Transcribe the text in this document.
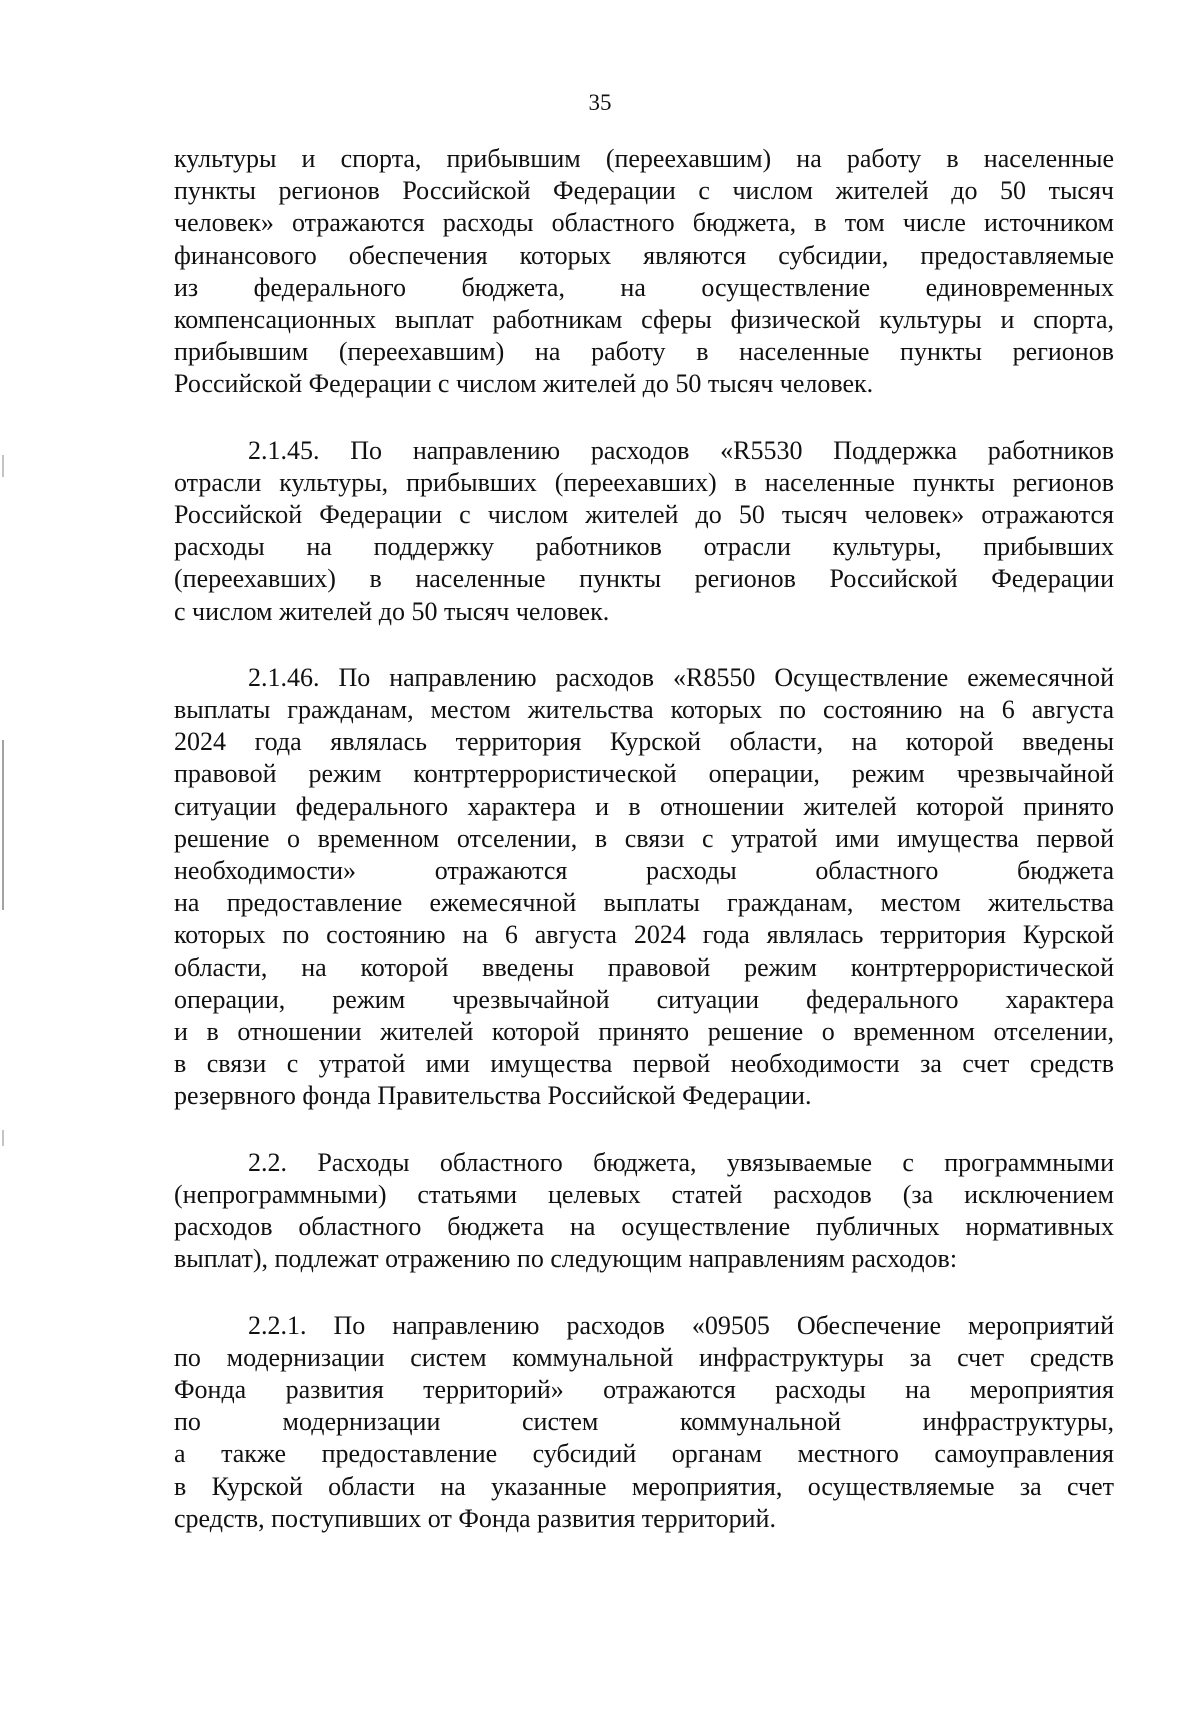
35

культуры и спорта, прибывшим (переехавшим) на работу в населенные
пункты регионов Российской Федерации с числом жителей до 50 тысяч
человек» отражаются расходы областного бюджета, в том числе источником
финансового обеспечения которых являются субсидии, предоставляемые
из федерального бюджета, на осуществление единовременных
компенсационных выплат работникам сферы физической культуры и спорта,
прибывшим (переехавшим) на работу в населенные пункты регионов
Российской Федерации с числом жителей до 50 тысяч человек.

2.1.45. По направлению расходов «R5530 Поддержка работников
отрасли культуры, прибывших (переехавших) в населенные пункты регионов
Российской Федерации с числом жителей до 50 тысяч человек» отражаются
расходы на поддержку работников отрасли культуры, прибывших
(переехавших) в населенные пункты регионов Российской Федерации
с числом жителей до 50 тысяч человек.

2.1.46. По направлению расходов «R8550 Осуществление ежемесячной
выплаты гражданам, местом жительства которых по состоянию на 6 августа
2024 года являлась территория Курской области, на которой введены
правовой режим контртеррористической операции, режим чрезвычайной
ситуации федерального характера и в отношении жителей которой принято
решение о временном отселении, в связи с утратой ими имущества первой
необходимости» отражаются расходы областного бюджета
на предоставление ежемесячной выплаты гражданам, местом жительства
которых по состоянию на 6 августа 2024 года являлась территория Курской
области, на которой введены правовой режим контртеррористической
операции, режим чрезвычайной ситуации федерального характера
и в отношении жителей которой принято решение о временном отселении,
в связи с утратой ими имущества первой необходимости за счет средств
резервного фонда Правительства Российской Федерации.

2.2. Расходы областного бюджета, увязываемые с программными
(непрограммными) статьями целевых статей расходов (за исключением
расходов областного бюджета на осуществление публичных нормативных
выплат), подлежат отражению по следующим направлениям расходов:

2.2.1. По направлению расходов «09505 Обеспечение мероприятий
по модернизации систем коммунальной инфраструктуры за счет средств
Фонда развития территорий» отражаются расходы на мероприятия
по модернизации систем коммунальной инфраструктуры,
а также предоставление субсидий органам местного самоуправления
в Курской области на указанные мероприятия, осуществляемые за счет
средств, поступивших от Фонда развития территорий.
